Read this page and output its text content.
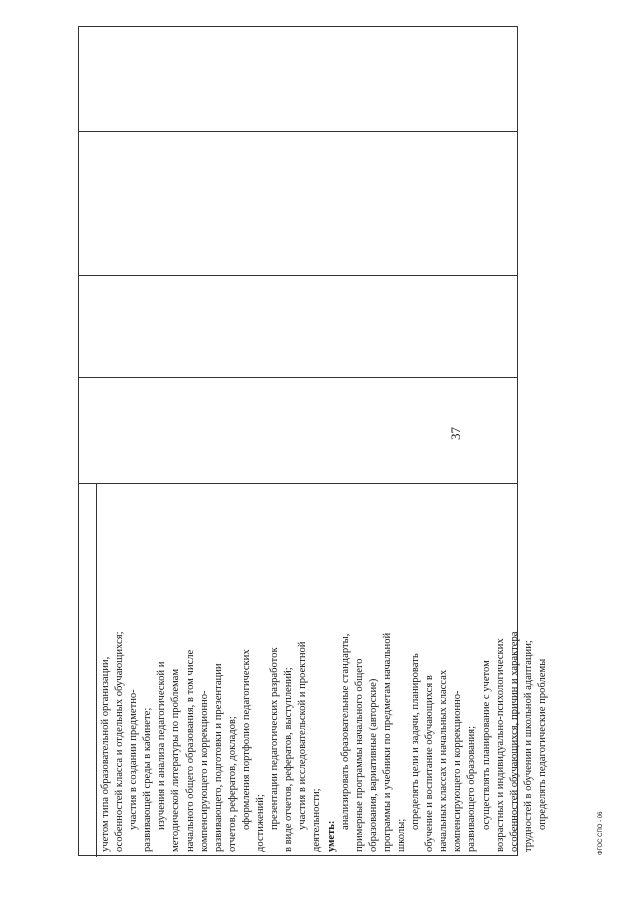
учетом типа образовательной организации, особенностей класса и отдельных обучающихся; участия в создании предметно- развивающей среды в кабинете; изучения и анализа педагогической и методической литературы по проблемам начального общего образования, в том числе компенсирующего и коррекционно- развивающего, подготовки и презентации отчетов, рефератов, докладов; оформления портфолио педагогических достижений; презентации педагогических разработок в виде отчетов, рефератов, выступлений; участия в исследовательской и проектной деятельности; уметь:

анализировать образовательные стандарты, примерные программы начального общего образования, вариативные (авторские) программы и учебники по предметам начальной школы;

определять цели и задачи, планировать обучение и воспитание обучающихся в начальных классах и начальных классах компенсирующего и коррекционно- развивающего образования; осуществлять планирование с учетом возрастных и индивидуально-психологических особенностей обучающихся, причин и характера трудностей в обучении и школьной адаптации; определять педагогические проблемы

37
ФГОС СПО - 06
